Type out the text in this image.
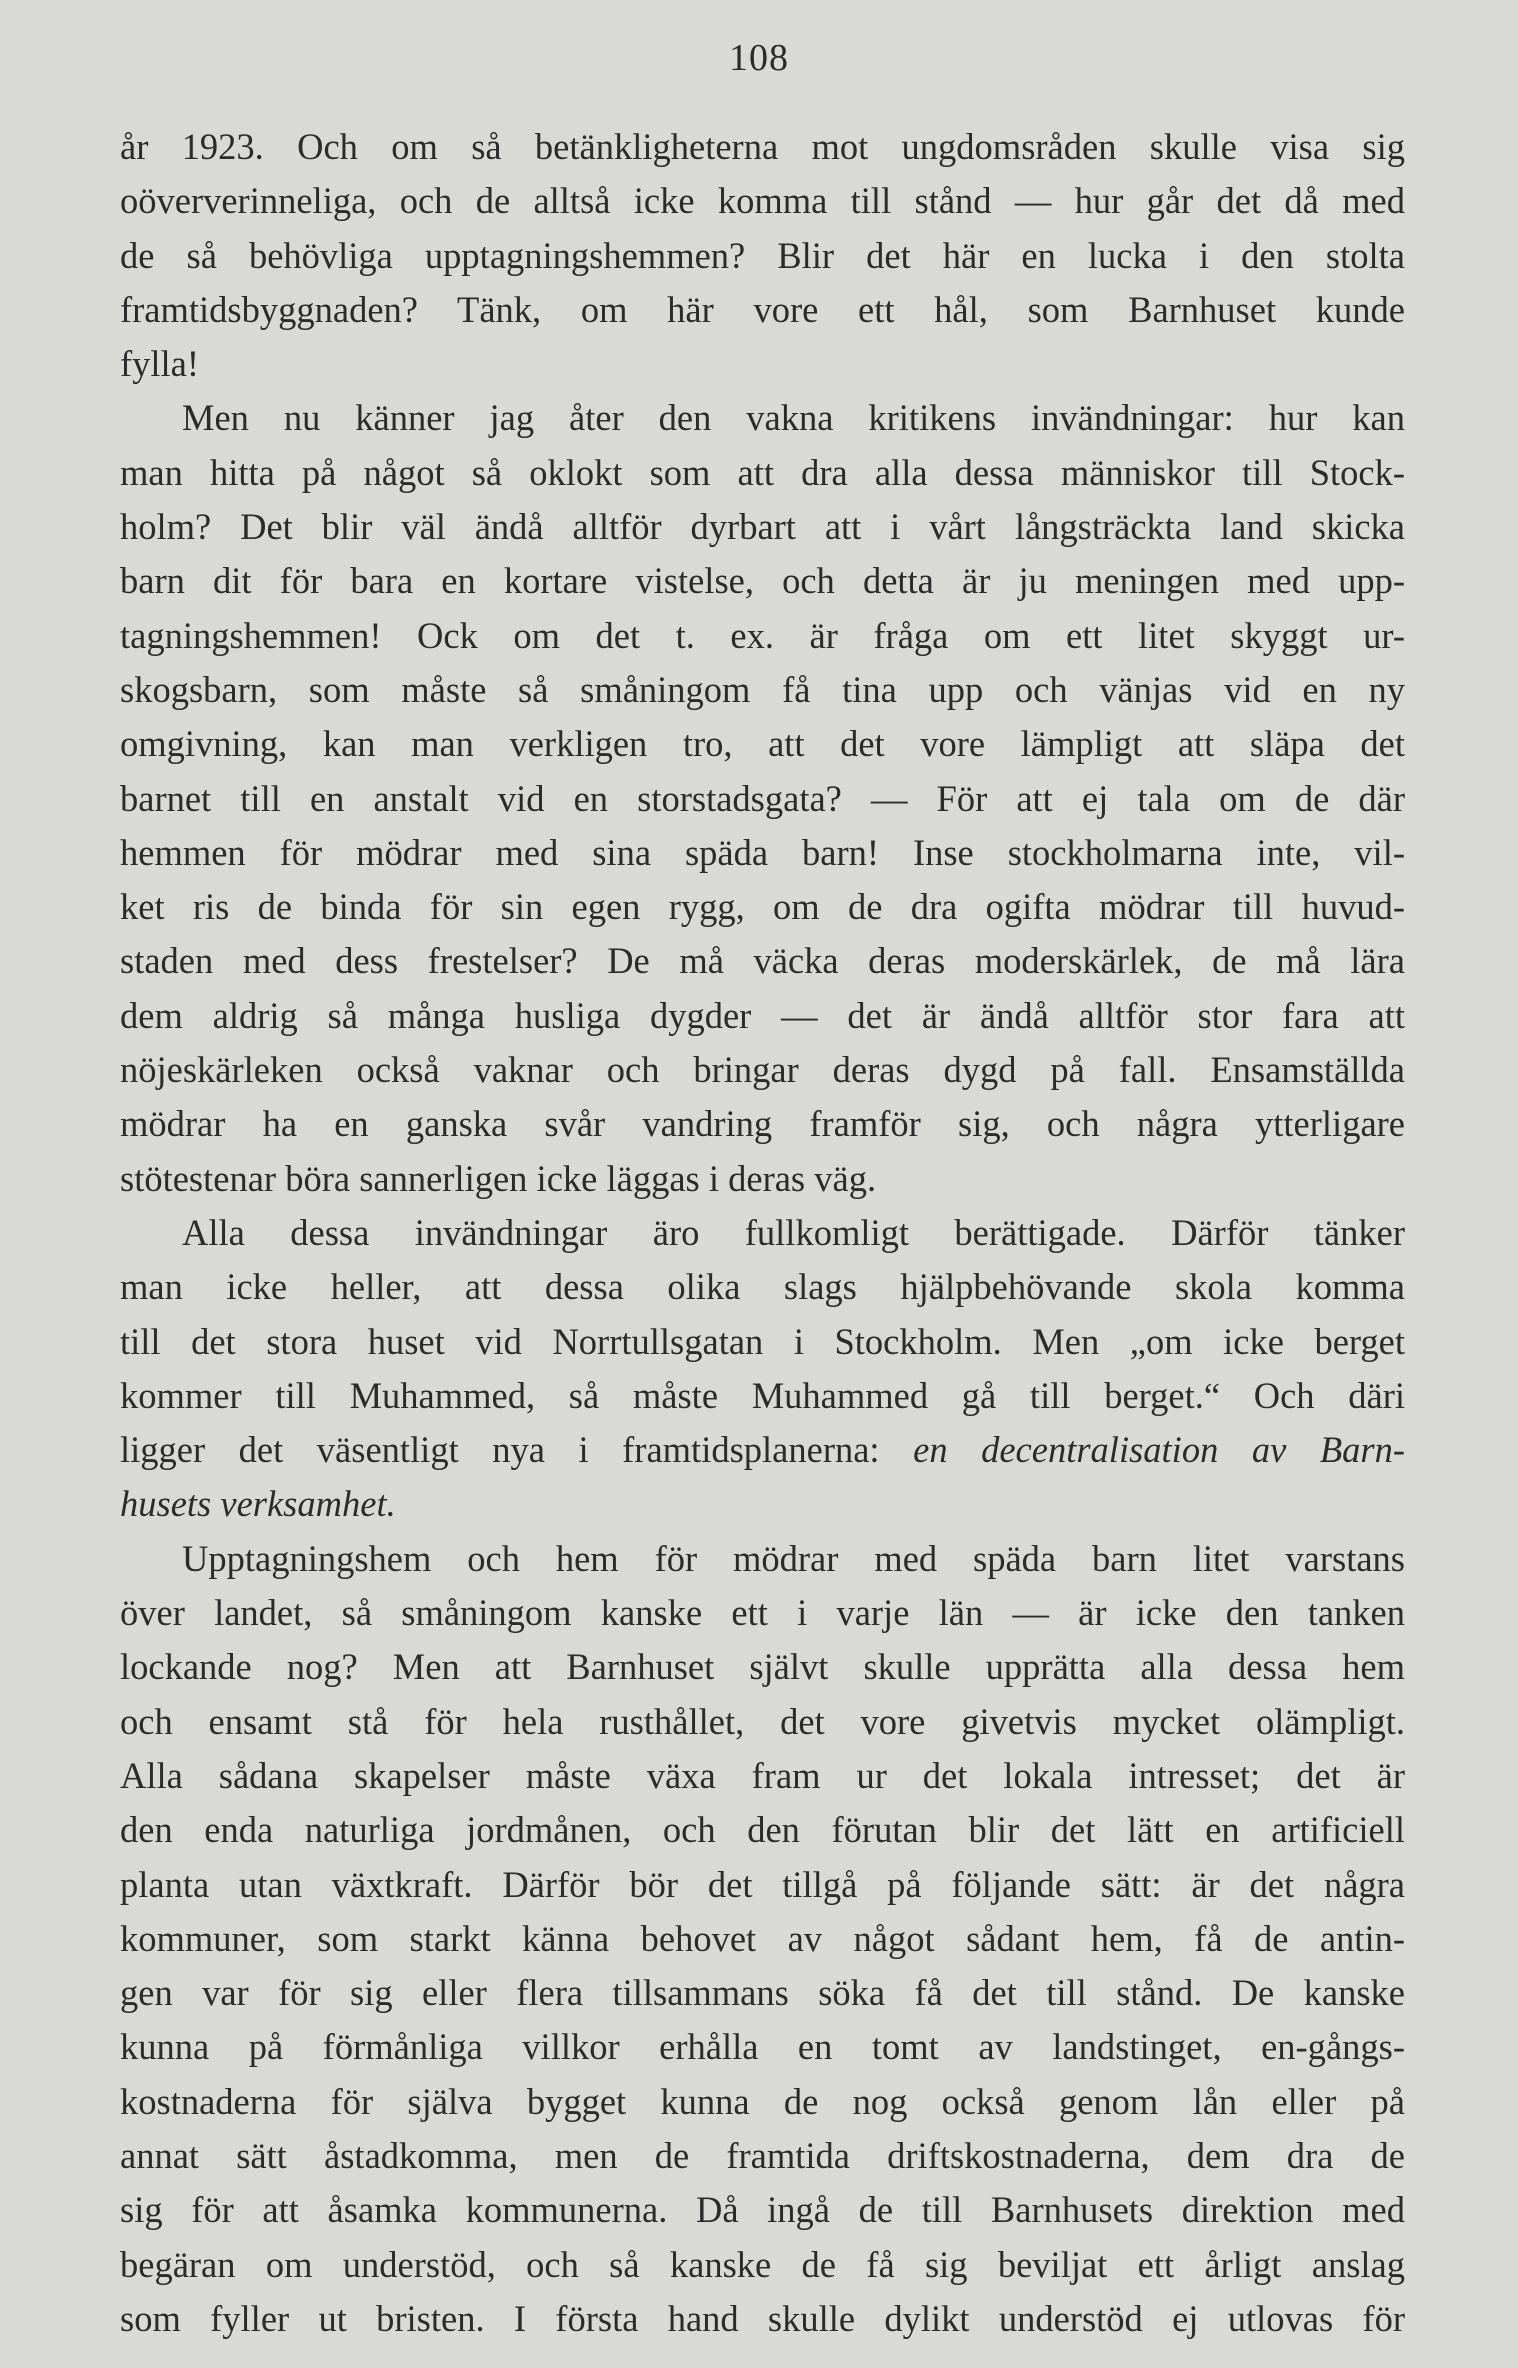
108
år 1923. Och om så betänkligheterna mot ungdomsråden skulle visa sig
oöververinneliga, och de alltså icke komma till stånd — hur går det då med
de så behövliga upptagningshemmen? Blir det här en lucka i den stolta
framtidsbyggnaden? Tänk, om här vore ett hål, som Barnhuset kunde
fylla!
Men nu känner jag åter den vakna kritikens invändningar: hur kan
man hitta på något så oklokt som att dra alla dessa människor till Stock-
holm? Det blir väl ändå alltför dyrbart att i vårt långsträckta land skicka
barn dit för bara en kortare vistelse, och detta är ju meningen med upp-
tagningshemmen! Ock om det t. ex. är fråga om ett litet skyggt ur-
skogsbarn, som måste så småningom få tina upp och vänjas vid en ny
omgivning, kan man verkligen tro, att det vore lämpligt att släpa det
barnet till en anstalt vid en storstadsgata? — För att ej tala om de där
hemmen för mödrar med sina späda barn! Inse stockholmarna inte, vil-
ket ris de binda för sin egen rygg, om de dra ogifta mödrar till huvud-
staden med dess frestelser? De må väcka deras moderskärlek, de må lära
dem aldrig så många husliga dygder — det är ändå alltför stor fara att
nöjeskärleken också vaknar och bringar deras dygd på fall. Ensamställda
mödrar ha en ganska svår vandring framför sig, och några ytterligare
stötestenar böra sannerligen icke läggas i deras väg.
Alla dessa invändningar äro fullkomligt berättigade. Därför tänker
man icke heller, att dessa olika slags hjälpbehövande skola komma
till det stora huset vid Norrtullsgatan i Stockholm. Men „om icke berget
kommer till Muhammed, så måste Muhammed gå till berget.“ Och däri
ligger det väsentligt nya i framtidsplanerna: en decentralisation av Barn-
husets verksamhet.
Upptagningshem och hem för mödrar med späda barn litet varstans
över landet, så småningom kanske ett i varje län — är icke den tanken
lockande nog? Men att Barnhuset självt skulle upprätta alla dessa hem
och ensamt stå för hela rusthållet, det vore givetvis mycket olämpligt.
Alla sådana skapelser måste växa fram ur det lokala intresset; det är
den enda naturliga jordmånen, och den förutan blir det lätt en artificiell
planta utan växtkraft. Därför bör det tillgå på följande sätt: är det några
kommuner, som starkt känna behovet av något sådant hem, få de antin-
gen var för sig eller flera tillsammans söka få det till stånd. De kanske
kunna på förmånliga villkor erhålla en tomt av landstinget, en-gångs-
kostnaderna för själva bygget kunna de nog också genom lån eller på
annat sätt åstadkomma, men de framtida driftskostnaderna, dem dra de
sig för att åsamka kommunerna. Då ingå de till Barnhusets direktion med
begäran om understöd, och så kanske de få sig beviljat ett årligt anslag
som fyller ut bristen. I första hand skulle dylikt understöd ej utlovas för
